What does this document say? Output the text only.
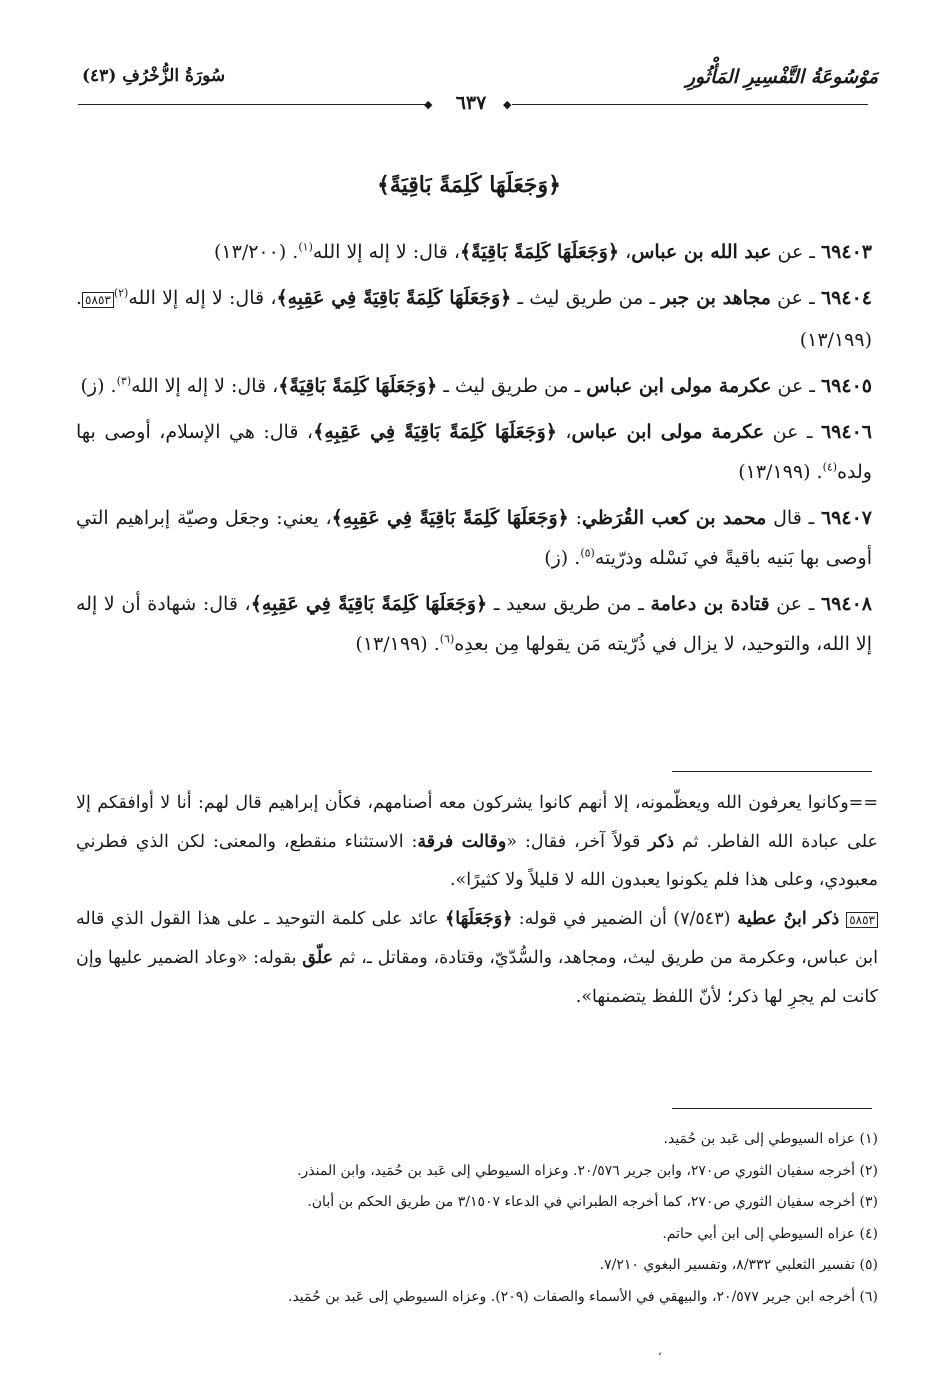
سُورَةُ الزُّخْرُفِ (٤٣)	مَوْسُوعَةُ التَّفْسِيرِ المَأْثُورِ
◆	٦٣٧	◆
﴿وَجَعَلَهَا كَلِمَةً بَاقِيَةً﴾

٦٩٤٠٣ ـ عن عبد الله بن عباس، ﴿وَجَعَلَهَا كَلِمَةً بَاقِيَةً﴾، قال: لا إله إلا الله$^{(١)}$. (١٣/٢٠٠)

٦٩٤٠٤ ـ عن مجاهد بن جبر ـ من طريق ليث ـ ﴿وَجَعَلَهَا كَلِمَةً بَاقِيَةً فِي عَقِبِهِ﴾، قال: لا إله إلا الله$^{(٢)}$٥٨٥٣. (١٣/١٩٩)

٦٩٤٠٥ ـ عن عكرمة مولى ابن عباس ـ من طريق ليث ـ ﴿وَجَعَلَهَا كَلِمَةً بَاقِيَةً﴾، قال: لا إله إلا الله$^{(٣)}$. (ز)

٦٩٤٠٦ ـ عن عكرمة مولى ابن عباس، ﴿وَجَعَلَهَا كَلِمَةً بَاقِيَةً فِي عَقِبِهِ﴾، قال: هي الإسلام، أوصى بها ولده$^{(٤)}$. (١٣/١٩٩)

٦٩٤٠٧ ـ قال محمد بن كعب القُرَظي: ﴿وَجَعَلَهَا كَلِمَةً بَاقِيَةً فِي عَقِبِهِ﴾، يعني: وجعَل وصيّة إبراهيم التي أوصى بها بَنيه باقيةً في نَسْله وذرّيته$^{(٥)}$. (ز)

٦٩٤٠٨ ـ عن قتادة بن دعامة ـ من طريق سعيد ـ ﴿وَجَعَلَهَا كَلِمَةً بَاقِيَةً فِي عَقِبِهِ﴾، قال: شهادة أن لا إله إلا الله، والتوحيد، لا يزال في ذُرّيته مَن يقولها مِن بعدِه$^{(٦)}$. (١٣/١٩٩)

==وكانوا يعرفون الله ويعظّمونه، إلا أنهم كانوا يشركون معه أصنامهم، فكأن إبراهيم قال لهم: أنا لا أوافقكم إلا على عبادة الله الفاطر. ثم ذكر قولاً آخر، فقال: «وقالت فرقة: الاستثناء منقطع، والمعنى: لكن الذي فطرني معبودي، وعلى هذا فلم يكونوا يعبدون الله لا قليلاً ولا كثيرًا».

٥٨٥٣ ذكر ابنُ عطية (٧/٥٤٣) أن الضمير في قوله: ﴿وَجَعَلَهَا﴾ عائد على كلمة التوحيد ـ على هذا القول الذي قاله ابن عباس، وعكرمة من طريق ليث، ومجاهد، والسُّدّيّ، وقتادة، ومقاتل ـ، ثم علّق بقوله: «وعاد الضمير عليها وإن كانت لم يجرِ لها ذكر؛ لأنّ اللفظ يتضمنها».

(١) عزاه السيوطي إلى عَبد بن حُمَيد.

(٢) أخرجه سفيان الثوري ص٢٧٠، وابن جرير ٢٠/٥٧٦. وعزاه السيوطي إلى عَبد بن حُمَيد، وابن المنذر.

(٣) أخرجه سفيان الثوري ص٢٧٠، كما أخرجه الطبراني في الدعاء ٣/١٥٠٧ من طريق الحكم بن أبان.

(٤) عزاه السيوطي إلى ابن أبي حاتم.

(٥) تفسير الثعلبي ٨/٣٣٢، وتفسير البغوي ٧/٢١٠.

(٦) أخرجه ابن جرير ٢٠/٥٧٧، والبيهقي في الأسماء والصفات (٢٠٩). وعزاه السيوطي إلى عَبد بن حُمَيد.

،
